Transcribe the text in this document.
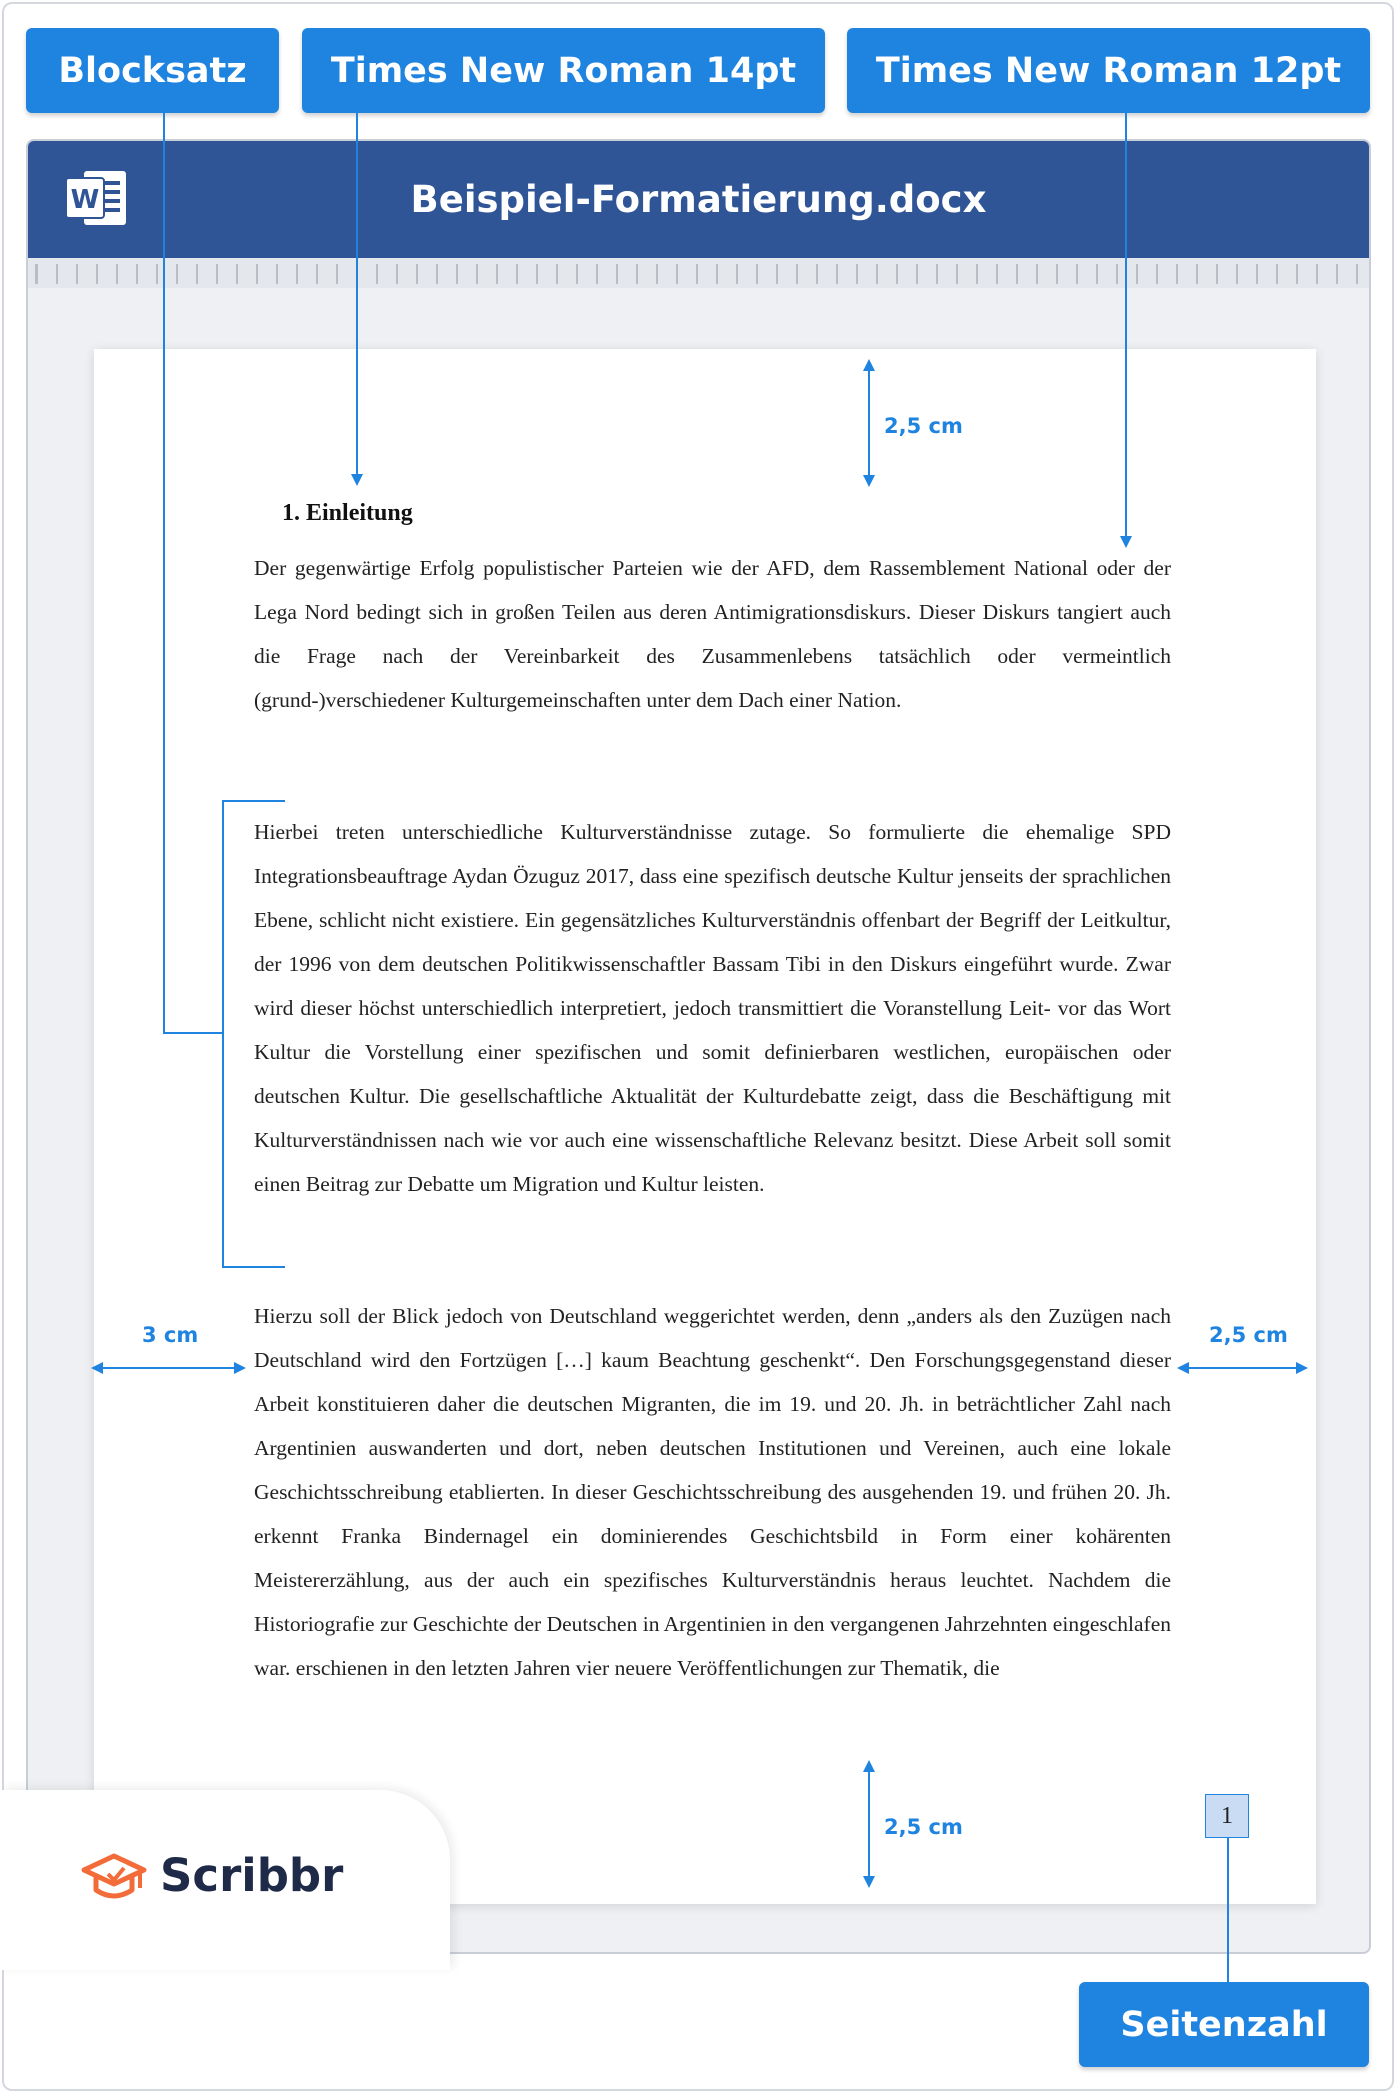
Blocksatz	Times New Roman 14pt	Times New Roman 12pt
W	Beispiel-Formatierung.docx
1. Einleitung

Der gegenwärtige Erfolg populistischer Parteien wie der AFD, dem Rassemblement National oder der Lega Nord bedingt sich in großen Teilen aus deren Antimigrationsdiskurs. Dieser Diskurs tangiert auch die Frage nach der Vereinbarkeit des Zusammenlebens tatsächlich oder vermeintlich (grund-)verschiedener Kulturgemeinschaften unter dem Dach einer Nation.

Hierbei treten unterschiedliche Kulturverständnisse zutage. So formulierte die ehemalige SPD Integrationsbeauftrage Aydan Özuguz 2017, dass eine spezifisch deutsche Kultur jenseits der sprachlichen Ebene, schlicht nicht existiere. Ein gegensätzliches Kulturverständnis offenbart der Begriff der Leitkultur, der 1996 von dem deutschen Politikwissenschaftler Bassam Tibi in den Diskurs eingeführt wurde. Zwar wird dieser höchst unterschiedlich interpretiert, jedoch transmittiert die Voranstellung Leit- vor das Wort Kultur die Vorstellung einer spezifischen und somit definierbaren westlichen, europäischen oder deutschen Kultur. Die gesellschaftliche Aktualität der Kulturdebatte zeigt, dass die Beschäftigung mit Kulturverständnissen nach wie vor auch eine wissenschaftliche Relevanz besitzt. Diese Arbeit soll somit einen Beitrag zur Debatte um Migration und Kultur leisten.

Hierzu soll der Blick jedoch von Deutschland weggerichtet werden, denn „anders als den Zuzügen nach Deutschland wird den Fortzügen […] kaum Beachtung geschenkt“. Den Forschungsgegenstand dieser Arbeit konstituieren daher die deutschen Migranten, die im 19. und 20. Jh. in beträchtlicher Zahl nach Argentinien auswanderten und dort, neben deutschen Institutionen und Vereinen, auch eine lokale Geschichtsschreibung etablierten. In dieser Geschichtsschreibung des ausgehenden 19. und frühen 20. Jh. erkennt Franka Bindernagel ein dominierendes Geschichtsbild in Form einer kohärenten Meistererzählung, aus der auch ein spezifisches Kulturverständnis heraus leuchtet. Nachdem die Historiografie zur Geschichte der Deutschen in Argentinien in den vergangenen Jahrzehnten eingeschlafen war. erschienen in den letzten Jahren vier neuere Veröffentlichungen zur Thematik, die

Scribbr
1
Seitenzahl
2,5 cm
2,5 cm
3 cm	2,5 cm
